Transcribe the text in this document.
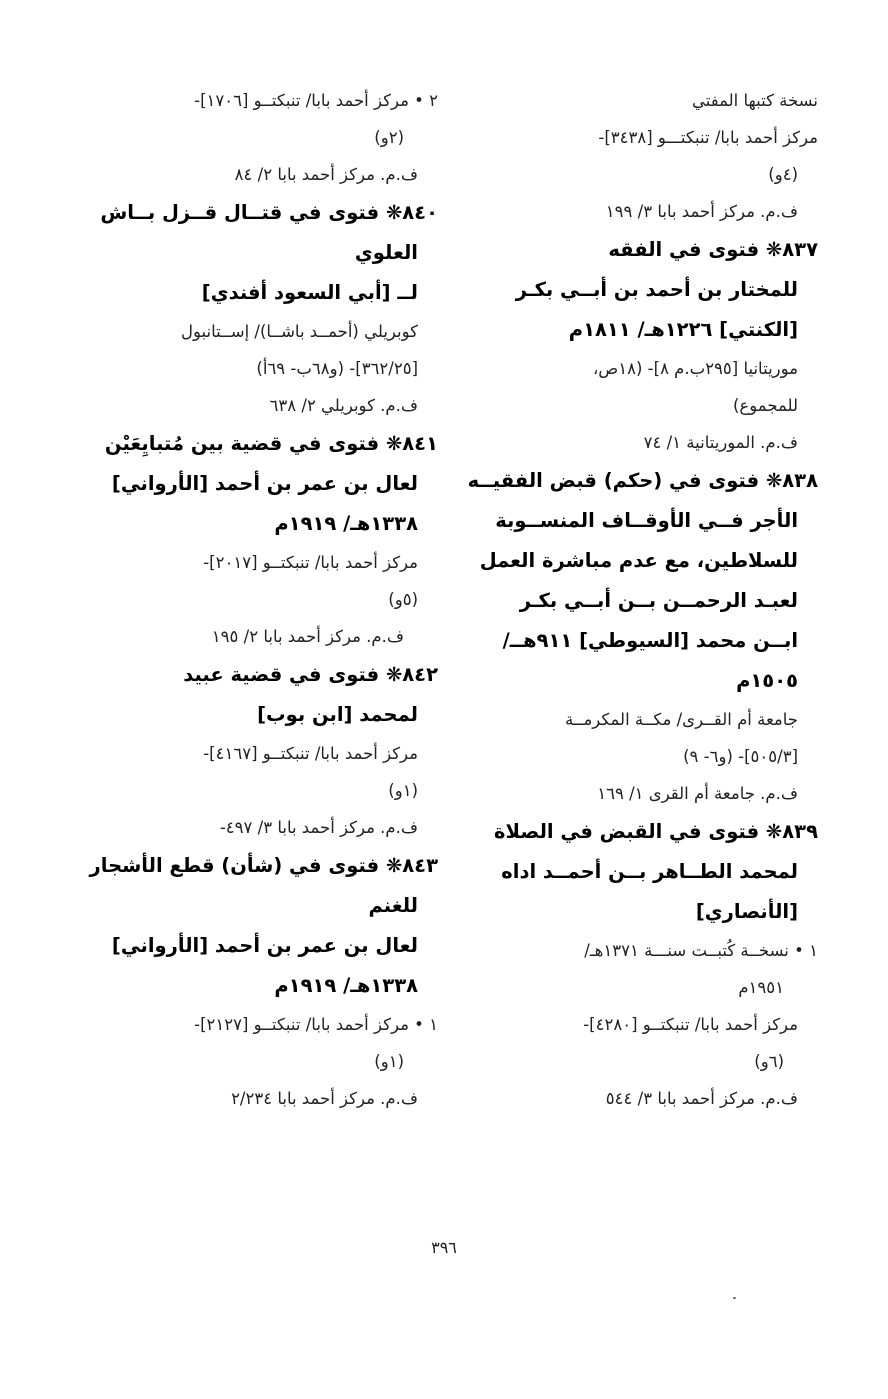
نسخة كتبها المفتي
مركز أحمد بابا/ تنبكتـــو [٣٤٣٨]-
(٤و)
ف.م. مركز أحمد بابا ٣/ ١٩٩
٨٣٧❋ فتوى في الفقه
للمختار بن أحمد بن أبــي بكـر
[الكنتي] ١٢٢٦هـ/ ١٨١١م
موريتانيا [٢٩٥ب.م ٨]- (١٨ص،
للمجموع)
ف.م. الموريتانية ١/ ٧٤
٨٣٨❋ فتوى في (حكم) قبض الفقيــه
الأجر فــي الأوقــاف المنســوبة
للسلاطين، مع عدم مباشرة العمل
لعبـد الرحمــن بــن أبــي بكـر
ابــن محمد [السيوطي] ٩١١هــ/
١٥٠٥م
جامعة أم القــرى/ مكــة المكرمــة
[٥٠٥/٣]- (و٦- ٩)
ف.م. جامعة أم القرى ١/ ١٦٩
٨٣٩❋ فتوى في القبض في الصلاة
لمحمد الطــاهر بــن أحمــد اداه
[الأنصاري]
١ • نسخــة كُتبــت سنـــة ١٣٧١هـ/
١٩٥١م
مركز أحمد بابا/ تنبكتــو [٤٢٨٠]-
(٦و)
ف.م. مركز أحمد بابا ٣/ ٥٤٤
٢ • مركز أحمد بابا/ تنبكتــو [١٧٠٦]-
(٢و)
ف.م. مركز أحمد بابا ٢/ ٨٤
٨٤٠❋ فتوى في قتــال قــزل بــاش
العلوي
لــ [أبي السعود أفندي]
كوبريلي (أحمــد باشــا)/ إســتانبول
[٣٦٢/٢٥]- (و٦٨ب- ٦٩أ)
ف.م. كوبريلي ٢/ ٦٣٨
٨٤١❋ فتوى في قضية بين مُتبايِعَيْن
لعال بن عمر بن أحمد [الأرواني]
١٣٣٨هـ/ ١٩١٩م
مركز أحمد بابا/ تنبكتــو [٢٠١٧]-
(٥و)
ف.م. مركز أحمد بابا ٢/ ١٩٥
٨٤٢❋ فتوى في قضية عبيد
لمحمد [ابن بوب]
مركز أحمد بابا/ تنبكتــو [٤١٦٧]-
(١و)
ف.م. مركز أحمد بابا ٣/ ٤٩٧-
٨٤٣❋ فتوى في (شأن) قطع الأشجار
للغنم
لعال بن عمر بن أحمد [الأرواني]
١٣٣٨هـ/ ١٩١٩م
١ • مركز أحمد بابا/ تنبكتــو [٢١٢٧]-
(١و)
ف.م. مركز أحمد بابا ٢/٢٣٤
٣٩٦
